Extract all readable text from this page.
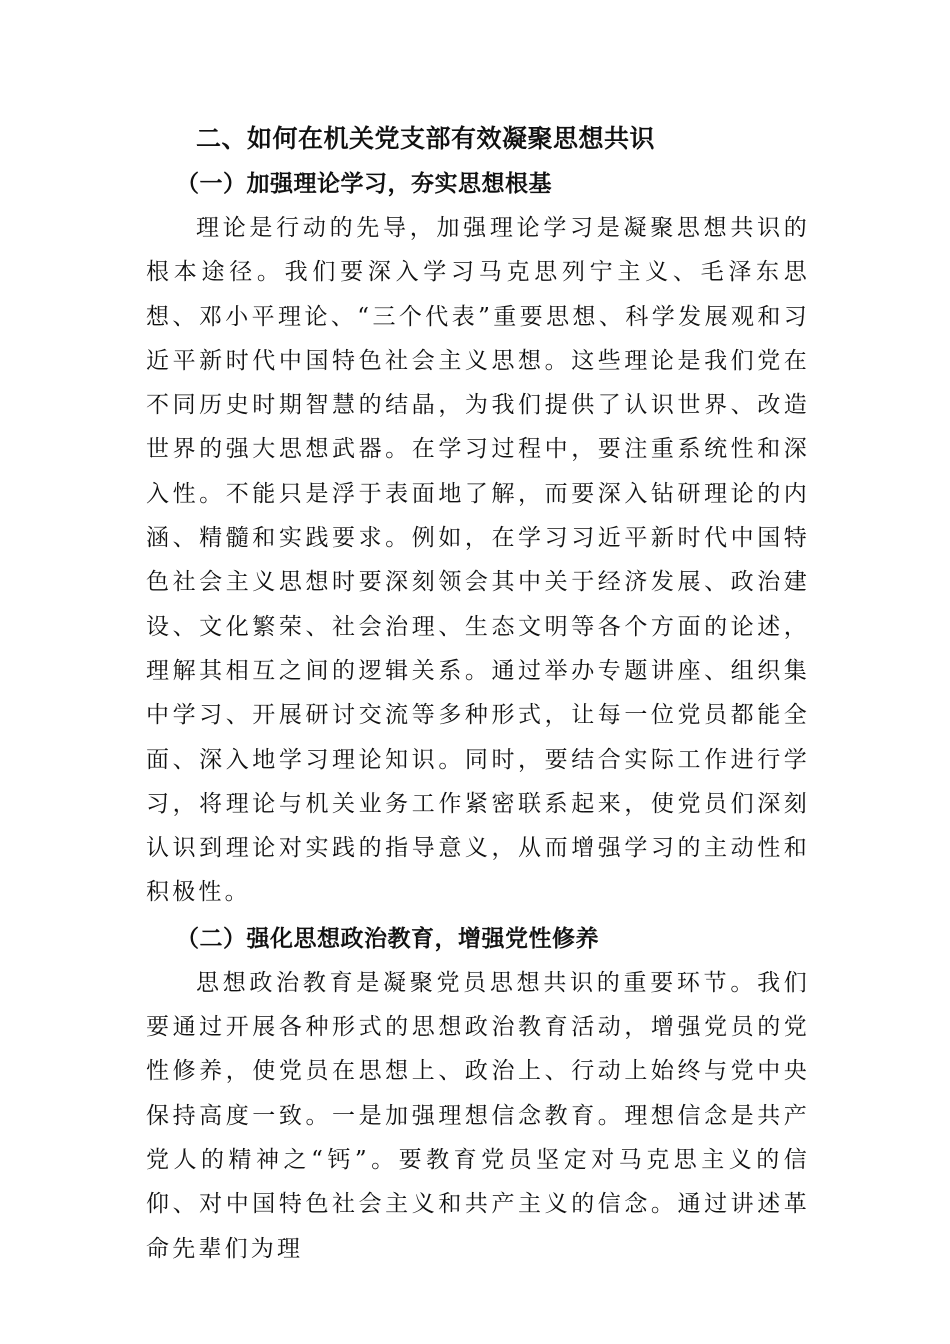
二、如何在机关党支部有效凝聚思想共识
（一）加强理论学习，夯实思想根基

理论是行动的先导，加强理论学习是凝聚思想共识的根本途径。我们要深入学习马克思列宁主义、毛泽东思想、邓小平理论、“三个代表”重要思想、科学发展观和习近平新时代中国特色社会主义思想。这些理论是我们党在不同历史时期智慧的结晶，为我们提供了认识世界、改造世界的强大思想武器。在学习过程中，要注重系统性和深入性。不能只是浮于表面地了解，而要深入钻研理论的内涵、精髓和实践要求。例如，在学习习近平新时代中国特色社会主义思想时要深刻领会其中关于经济发展、政治建设、文化繁荣、社会治理、生态文明等各个方面的论述，理解其相互之间的逻辑关系。通过举办专题讲座、组织集中学习、开展研讨交流等多种形式，让每一位党员都能全面、深入地学习理论知识。同时，要结合实际工作进行学习，将理论与机关业务工作紧密联系起来，使党员们深刻认识到理论对实践的指导意义，从而增强学习的主动性和积极性。

（二）强化思想政治教育，增强党性修养

思想政治教育是凝聚党员思想共识的重要环节。我们要通过开展各种形式的思想政治教育活动，增强党员的党性修养，使党员在思想上、政治上、行动上始终与党中央保持高度一致。一是加强理想信念教育。理想信念是共产党人的精神之“钙”。要教育党员坚定对马克思主义的信仰、对中国特色社会主义和共产主义的信念。通过讲述革命先辈们为理
